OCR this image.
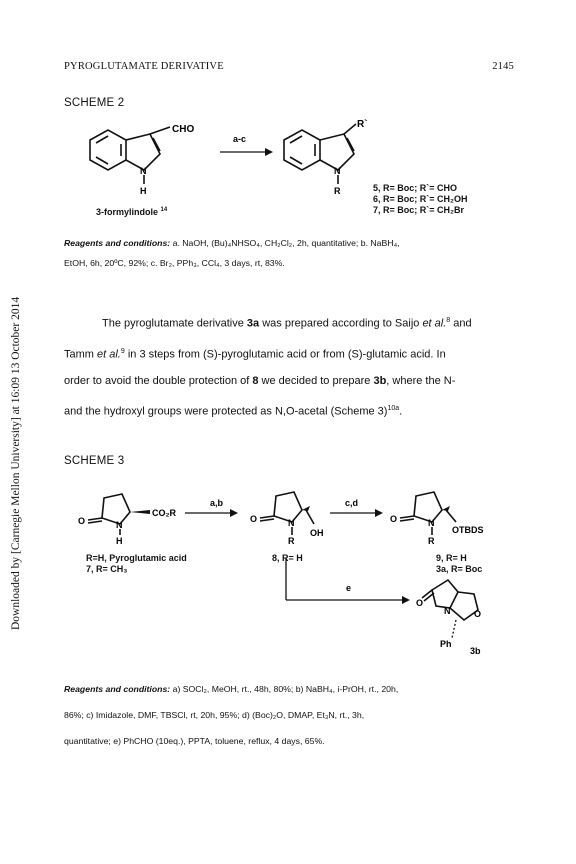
Downloaded by [Carnegie Mellon University] at 16:09 13 October 2014
PYROGLUTAMATE DERIVATIVE	2145
SCHEME 2
CHO
N
H
a-c
R`
N
R
3-formylindole $^{14}$
5, R= Boc; R`= CHO
6, R= Boc; R`= CH₂OH
7, R= Boc; R`= CH₂Br
Reagents and conditions: a. NaOH, (Bu)₄NHSO₄, CH₂Cl₂, 2h, quantitative; b. NaBH₄,
EtOH, 6h, 20ºC, 92%; c. Br₂, PPh₃, CCl₄, 3 days, rt, 83%.
The pyroglutamate derivative 3a was prepared according to Saijo et al.$^8$ and
Tamm et al.$^9$ in 3 steps from (S)-pyroglutamic acid or from (S)-glutamic acid. In
order to avoid the double protection of 8 we decided to prepare 3b, where the N-
and the hydroxyl groups were protected as N,O-acetal (Scheme 3)$^{10a}$.
SCHEME 3
O	N
H
CO₂R
a,b
O	N
R
OH
c,d
O	N
R
OTBDS
e
O
N	O
Ph
3b
R=H, Pyroglutamic acid
7, R= CH₃
8, R= H	9, R= H
3a, R= Boc
Reagents and conditions: a) SOCl₂, MeOH, rt., 48h, 80%; b) NaBH₄, i-PrOH, rt., 20h,
86%; c) Imidazole, DMF, TBSCl, rt, 20h, 95%; d) (Boc)₂O, DMAP, Et₃N, rt., 3h,
quantitative; e) PhCHO (10eq.), PPTA, toluene, reflux, 4 days, 65%.
